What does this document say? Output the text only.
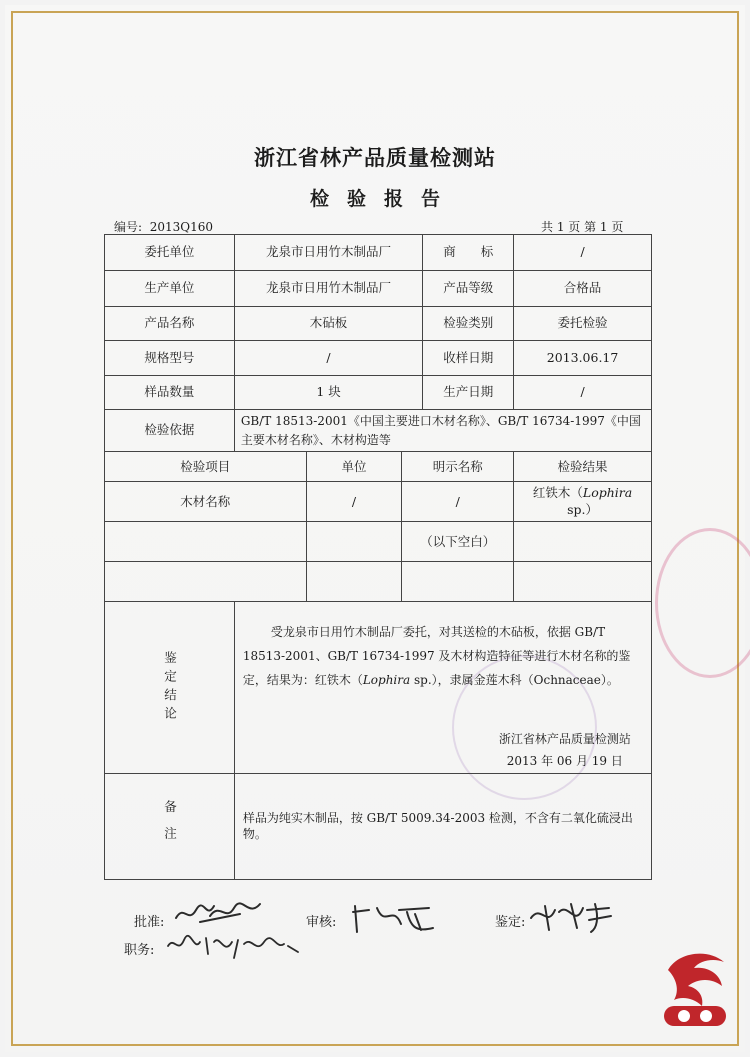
浙江省林产品质量检测站
检验报告
编号: 2013Q160	共 1 页 第 1 页
委托单位	龙泉市日用竹木制品厂			商　　标	/
生产单位	龙泉市日用竹木制品厂			产品等级	合格品
产品名称	木砧板			检验类别	委托检验
规格型号	/			收样日期	2013.06.17
样品数量	1 块			生产日期	/
检验依据	GB/T 18513-2001《中国主要进口木材名称》、GB/T 16734-1997《中国主要木材名称》、木材构造等				
检验项目		单位	明示名称		检验结果
木材名称		/	/		红铁木（Lophira sp.）
			（以下空白）		

鉴定结论	受龙泉市日用竹木制品厂委托，对其送检的木砧板，依据 GB/T 18513-2001、GB/T 16734-1997 及木材构造特征等进行木材名称的鉴定，结果为：红铁木（Lophira sp.），隶属金莲木科（Ochnaceae）。
浙江省林产品质量检测站
2013 年 06 月 19 日				

备注	样品为纯实木制品，按 GB/T 5009.34-2003 检测，不含有二氧化硫浸出物。				
批准:	审核:	鉴定:
职务:
